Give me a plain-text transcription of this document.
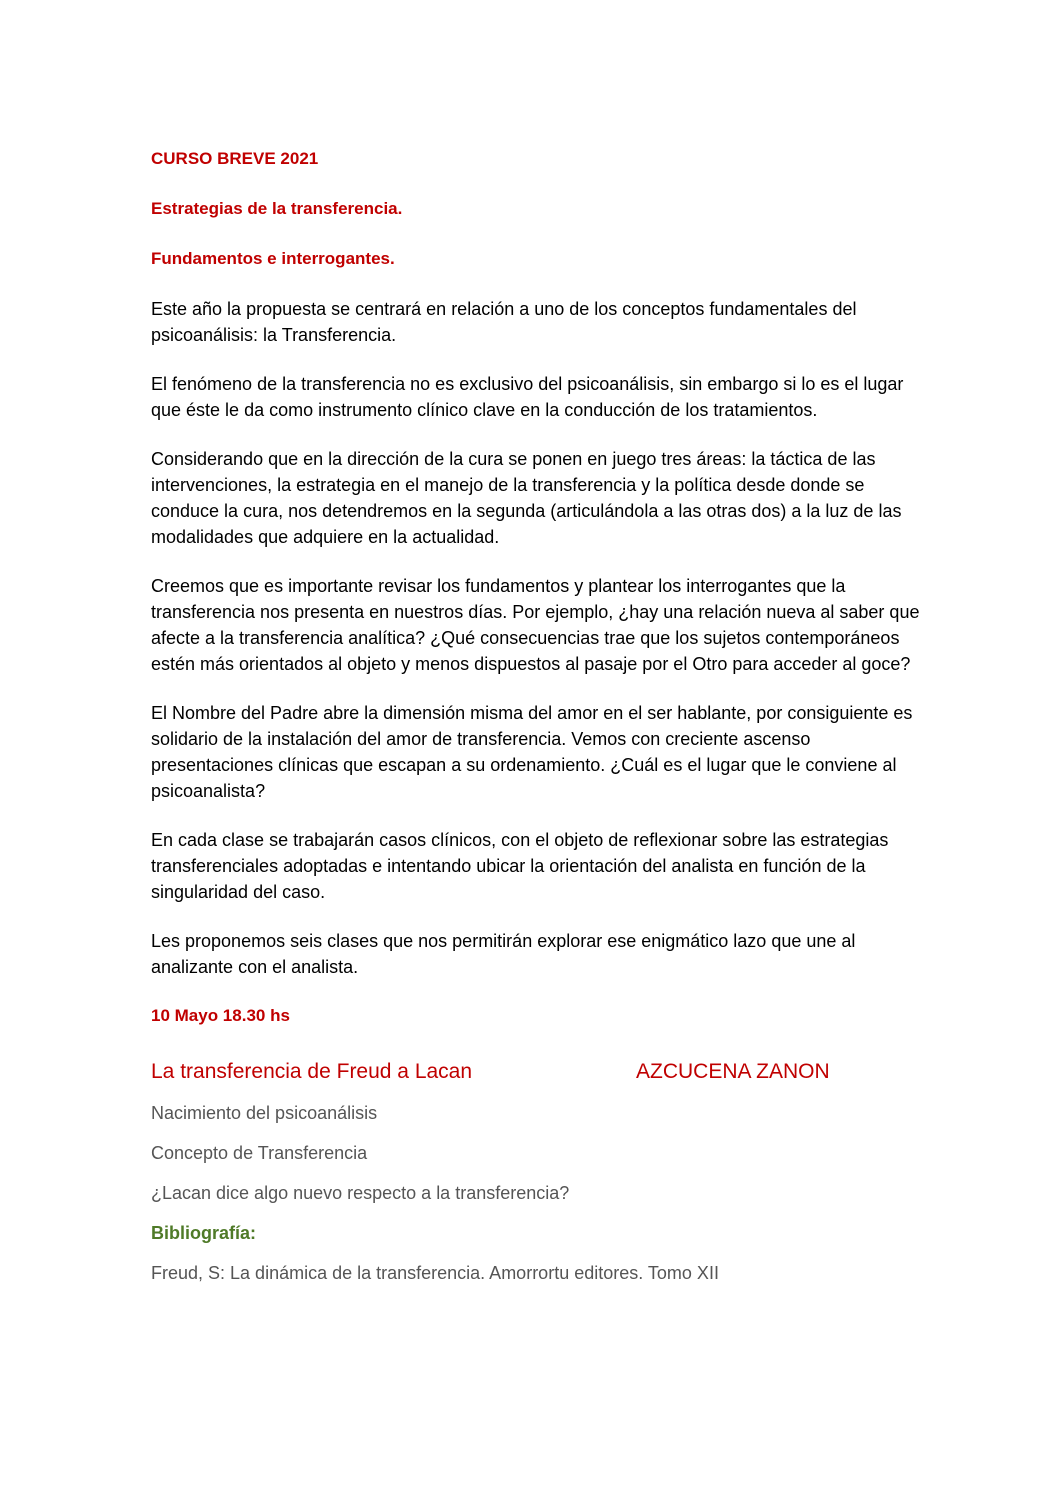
CURSO BREVE 2021

Estrategias de la transferencia.

Fundamentos e interrogantes.

Este año la propuesta se centrará en relación a uno de los conceptos fundamentales del psicoanálisis: la Transferencia.

El fenómeno de la transferencia no es exclusivo del psicoanálisis, sin embargo si lo es el lugar que éste le da como instrumento clínico clave en la conducción de los tratamientos.

Considerando que en la dirección de la cura se ponen en juego tres áreas: la táctica de las intervenciones, la estrategia en el manejo de la transferencia y la política desde donde se conduce la cura, nos detendremos en la segunda (articulándola a las otras dos) a la luz de las modalidades que adquiere en la actualidad.

Creemos que es importante revisar los fundamentos y plantear los interrogantes que la transferencia nos presenta en nuestros días. Por ejemplo, ¿hay una relación nueva al saber que afecte a la transferencia analítica? ¿Qué consecuencias trae que los sujetos contemporáneos estén más orientados al objeto y menos dispuestos al pasaje por el Otro para acceder al goce?

El Nombre del Padre abre la dimensión misma del amor en el ser hablante, por consiguiente es solidario de la instalación del amor de transferencia. Vemos con creciente ascenso presentaciones clínicas que escapan a su ordenamiento. ¿Cuál es el lugar que le conviene al psicoanalista?

En cada clase se trabajarán casos clínicos, con el objeto de reflexionar sobre las estrategias transferenciales adoptadas e intentando ubicar la orientación del analista en función de la singularidad del caso.

Les proponemos seis clases que nos permitirán explorar ese enigmático lazo que une al analizante con el analista.

10 Mayo 18.30 hs

La transferencia de Freud a Lacan	AZCUCENA ZANON

Nacimiento del psicoanálisis

Concepto de Transferencia

¿Lacan dice algo nuevo respecto a la transferencia?

Bibliografía:

Freud, S: La dinámica de la transferencia. Amorrortu editores. Tomo XII
